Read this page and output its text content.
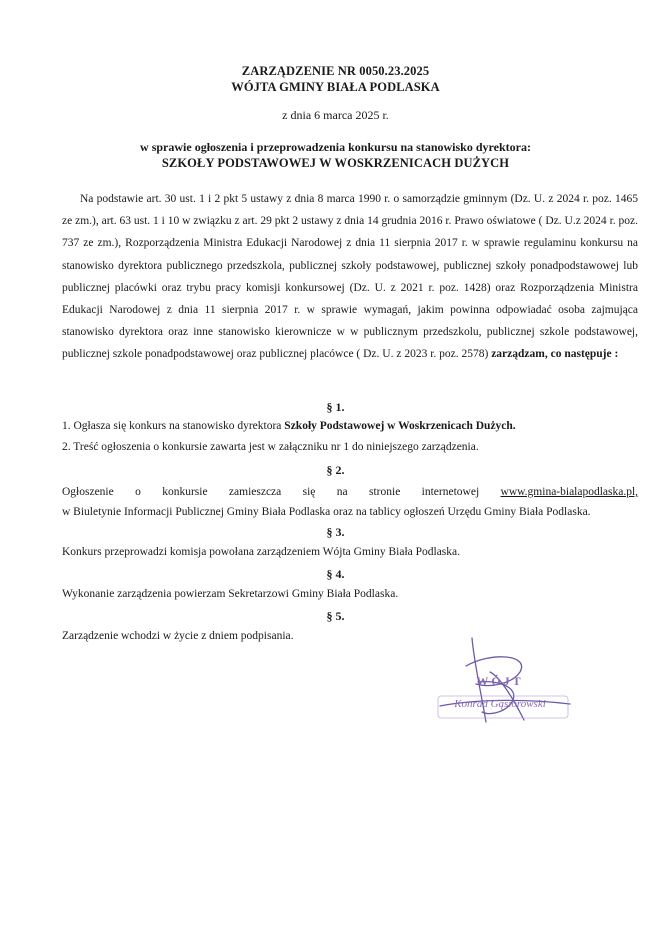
ZARZĄDZENIE NR 0050.23.2025
WÓJTA GMINY BIAŁA PODLASKA
z dnia 6 marca 2025 r.
w sprawie ogłoszenia i przeprowadzenia konkursu na stanowisko dyrektora:
SZKOŁY PODSTAWOWEJ W WOSKRZENICACH DUŻYCH
Na podstawie art. 30 ust. 1 i 2 pkt 5 ustawy z dnia 8 marca 1990 r. o samorządzie gminnym (Dz. U. z 2024 r. poz. 1465 ze zm.), art. 63 ust. 1 i 10 w związku z art. 29 pkt 2 ustawy z dnia 14 grudnia 2016 r. Prawo oświatowe ( Dz. U.z 2024 r. poz. 737 ze zm.), Rozporządzenia Ministra Edukacji Narodowej z dnia 11 sierpnia 2017 r. w sprawie regulaminu konkursu na stanowisko dyrektora publicznego przedszkola, publicznej szkoły podstawowej, publicznej szkoły ponadpodstawowej lub publicznej placówki oraz trybu pracy komisji konkursowej (Dz. U. z 2021 r. poz. 1428) oraz Rozporządzenia Ministra Edukacji Narodowej z dnia 11 sierpnia 2017 r. w sprawie wymagań, jakim powinna odpowiadać osoba zajmująca stanowisko dyrektora oraz inne stanowisko kierownicze w w publicznym przedszkolu, publicznej szkole podstawowej, publicznej szkole ponadpodstawowej oraz publicznej placówce ( Dz. U. z 2023 r. poz. 2578) zarządzam, co następuje :
§ 1.
1. Ogłasza się konkurs na stanowisko dyrektora Szkoły Podstawowej w Woskrzenicach Dużych.
2. Treść ogłoszenia o konkursie zawarta jest w załączniku nr 1 do niniejszego zarządzenia.
§ 2.
Ogłoszenie o konkursie zamieszcza się na stronie internetowej www.gmina-bialapodlaska.pl,
w Biuletynie Informacji Publicznej Gminy Biała Podlaska oraz na tablicy ogłoszeń Urzędu Gminy Biała Podlaska.
§ 3.
Konkurs przeprowadzi komisja powołana zarządzeniem Wójta Gminy Biała Podlaska.
§ 4.
Wykonanie zarządzenia powierzam Sekretarzowi Gminy Biała Podlaska.
§ 5.
Zarządzenie wchodzi w życie z dniem podpisania.
WÓJT
Konrad Gąsiorowski
